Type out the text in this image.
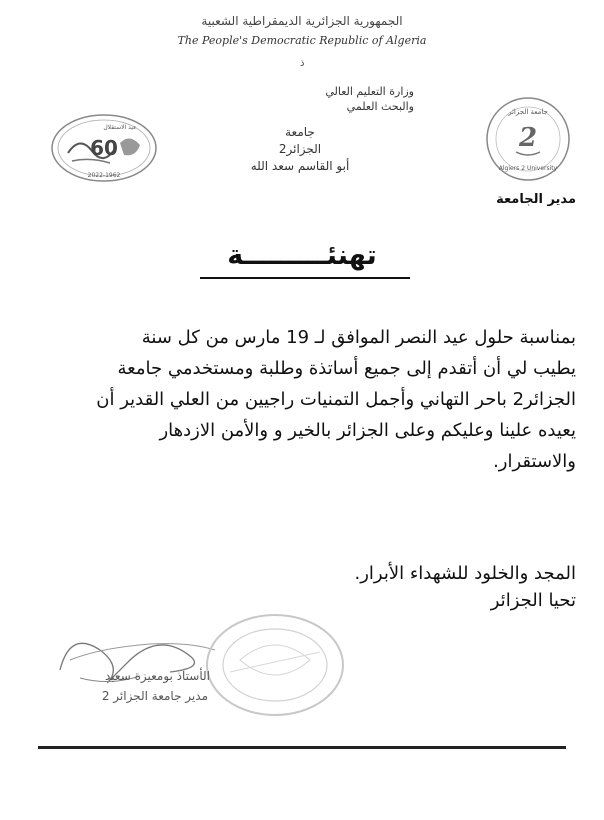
الجمهورية الجزائرية الديمقراطية الشعبية
The People's Democratic Republic of Algeria
ذ
وزارة التعليم العالي
والبحث العلمي
جامعة
الجزائر2
أبو القاسم سعد الله
60
عيد الاستقلال
2022-1962
جامعة الجزائر
2
Algiers 2 University
مدير الجامعة
تهنئـــــــــة
بمناسبة حلول عيد النصر الموافق لـ 19 مارس من كل سنة
يطيب لي أن أتقدم إلى جميع أساتذة وطلبة ومستخدمي جامعة
الجزائر2 باحر التهاني وأجمل التمنيات راجيين من العلي القدير أن
يعيده علينا وعليكم وعلى الجزائر بالخير و والأمن الازدهار
والاستقرار.
المجد والخلود للشهداء الأبرار.
تحيا الجزائر
الأستاذ بومعيزة سعيد
مدير جامعة الجزائر 2
